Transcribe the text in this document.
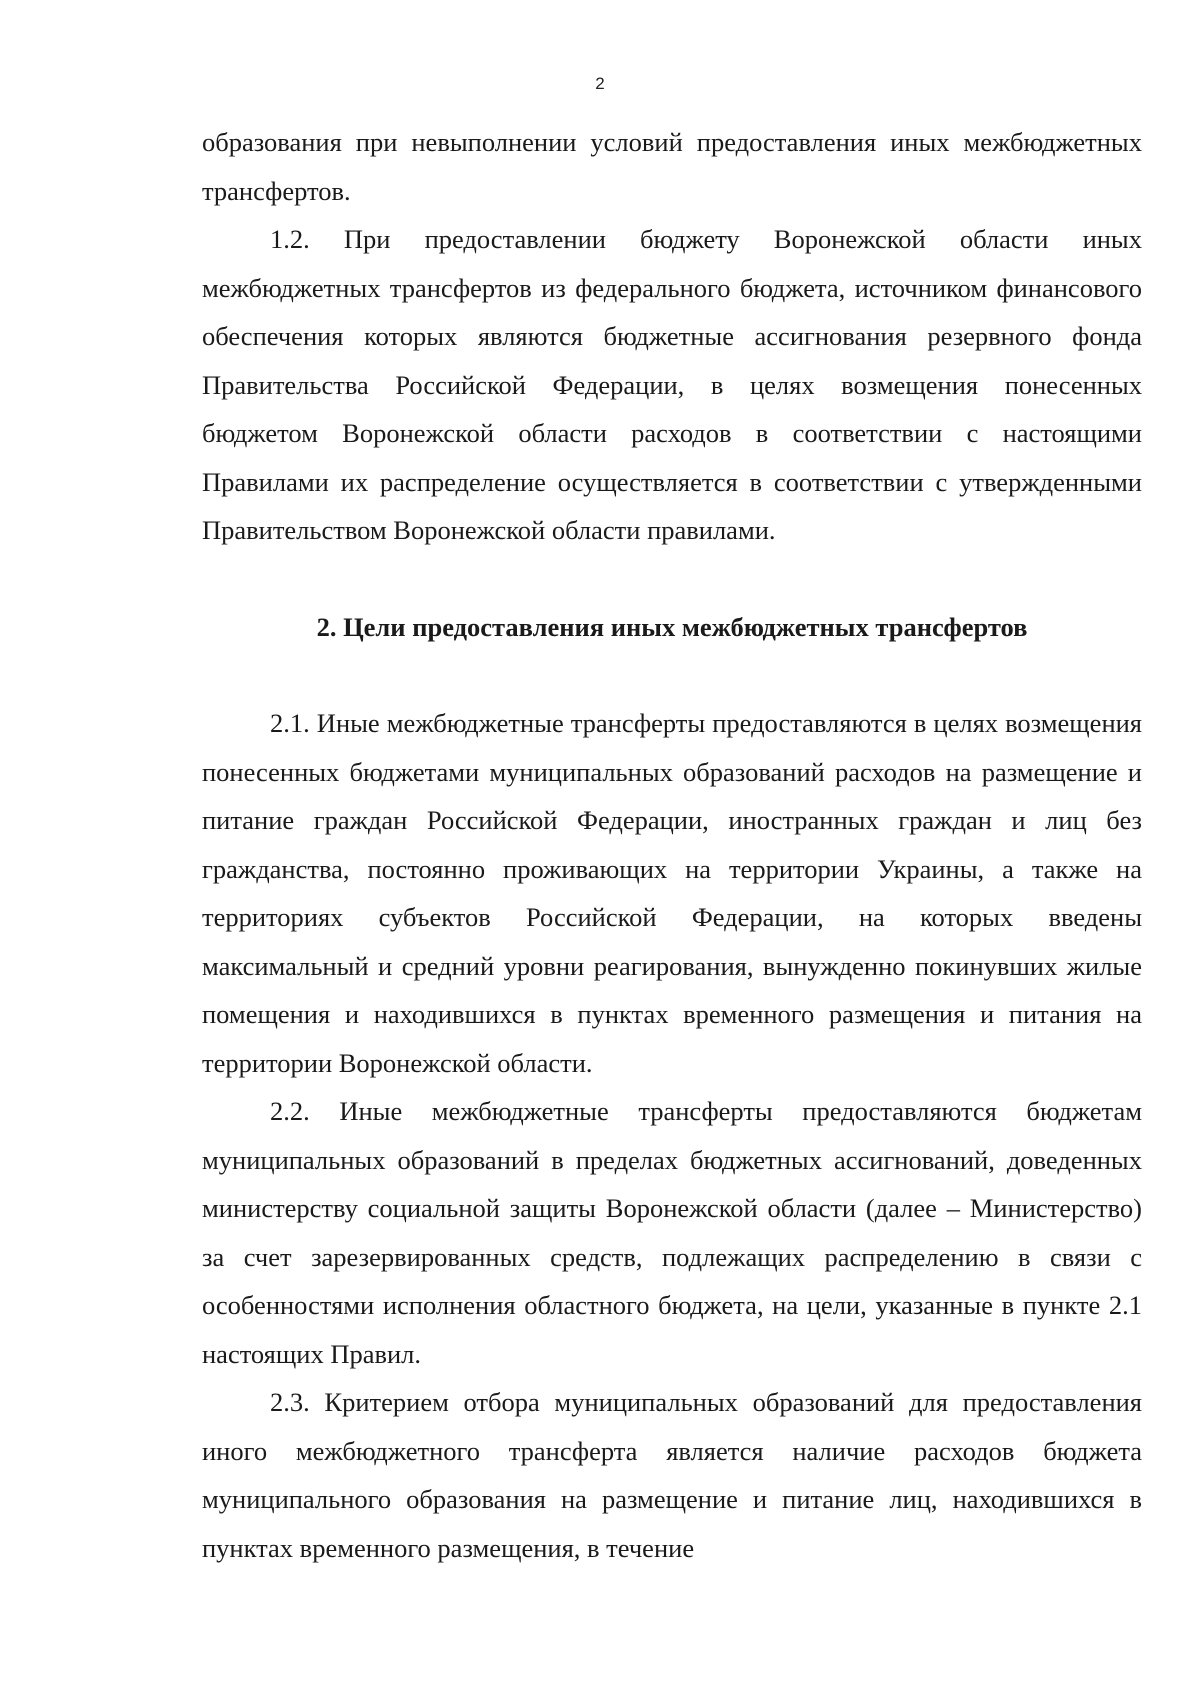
2

образования при невыполнении условий предоставления иных межбюджетных трансфертов.

1.2. При предоставлении бюджету Воронежской области иных межбюджетных трансфертов из федерального бюджета, источником финансового обеспечения которых являются бюджетные ассигнования резервного фонда Правительства Российской Федерации, в целях возмещения понесенных бюджетом Воронежской области расходов в соответствии с настоящими Правилами их распределение осуществляется в соответствии с утвержденными Правительством Воронежской области правилами.

2. Цели предоставления иных межбюджетных трансфертов

2.1. Иные межбюджетные трансферты предоставляются в целях возмещения понесенных бюджетами муниципальных образований расходов на размещение и питание граждан Российской Федерации, иностранных граждан и лиц без гражданства, постоянно проживающих на территории Украины, а также на территориях субъектов Российской Федерации, на которых введены максимальный и средний уровни реагирования, вынужденно покинувших жилые помещения и находившихся в пунктах временного размещения и питания на территории Воронежской области.

2.2. Иные межбюджетные трансферты предоставляются бюджетам муниципальных образований в пределах бюджетных ассигнований, доведенных министерству социальной защиты Воронежской области (далее – Министерство) за счет зарезервированных средств, подлежащих распределению в связи с особенностями исполнения областного бюджета, на цели, указанные в пункте 2.1 настоящих Правил.

2.3. Критерием отбора муниципальных образований для предоставления иного межбюджетного трансферта является наличие расходов бюджета муниципального образования на размещение и питание лиц, находившихся в пунктах временного размещения, в течение
